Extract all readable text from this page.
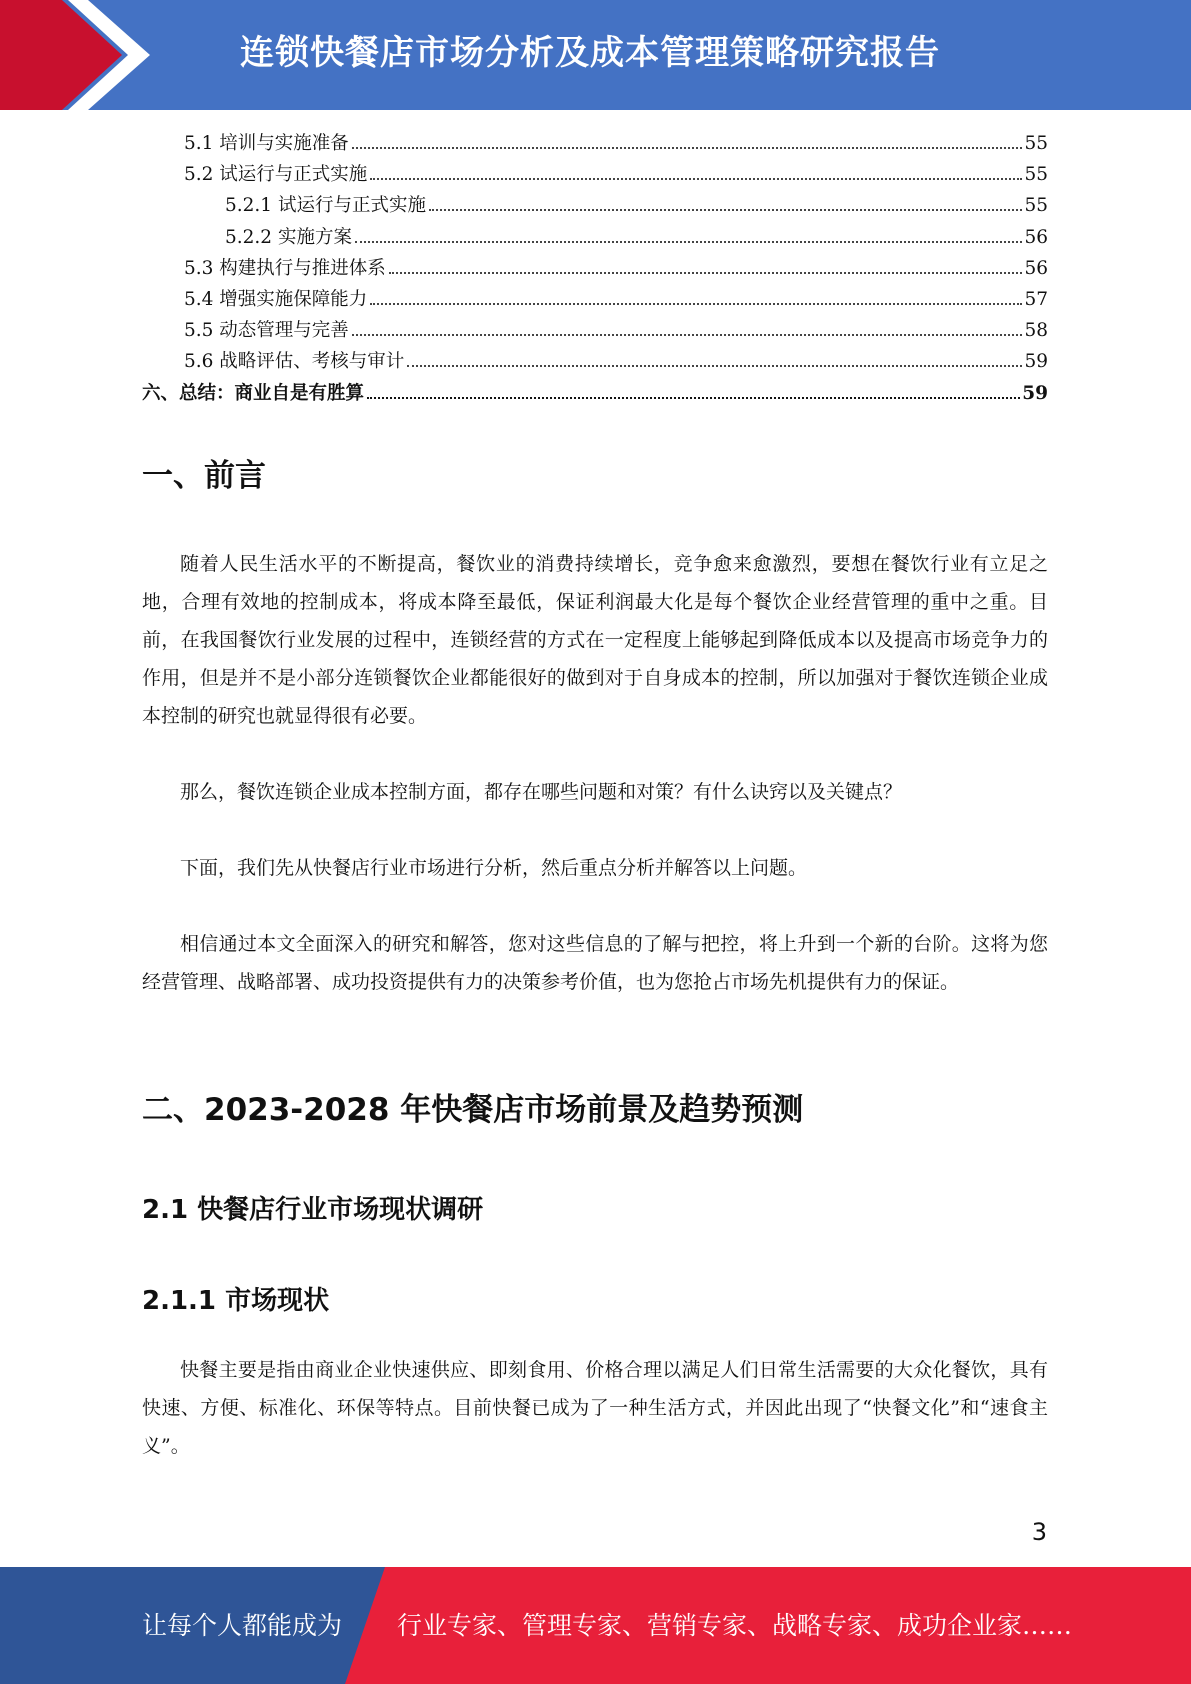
连锁快餐店市场分析及成本管理策略研究报告
5.1 培训与实施准备	55
5.2 试运行与正式实施	55
5.2.1 试运行与正式实施	55
5.2.2 实施方案	56
5.3 构建执行与推进体系	56
5.4 增强实施保障能力	57
5.5 动态管理与完善	58
5.6 战略评估、考核与审计	59
六、总结：商业自是有胜算	59
一、前言

随着人民生活水平的不断提高，餐饮业的消费持续增长，竞争愈来愈激烈，要想在餐饮行业有立足之地，合理有效地的控制成本，将成本降至最低，保证利润最大化是每个餐饮企业经营管理的重中之重。目前，在我国餐饮行业发展的过程中，连锁经营的方式在一定程度上能够起到降低成本以及提高市场竞争力的作用，但是并不是小部分连锁餐饮企业都能很好的做到对于自身成本的控制，所以加强对于餐饮连锁企业成本控制的研究也就显得很有必要。

那么，餐饮连锁企业成本控制方面，都存在哪些问题和对策？有什么诀窍以及关键点？

下面，我们先从快餐店行业市场进行分析，然后重点分析并解答以上问题。

相信通过本文全面深入的研究和解答，您对这些信息的了解与把控，将上升到一个新的台阶。这将为您经营管理、战略部署、成功投资提供有力的决策参考价值，也为您抢占市场先机提供有力的保证。

二、2023-2028 年快餐店市场前景及趋势预测
2.1 快餐店行业市场现状调研
2.1.1 市场现状

快餐主要是指由商业企业快速供应、即刻食用、价格合理以满足人们日常生活需要的大众化餐饮，具有快速、方便、标准化、环保等特点。目前快餐已成为了一种生活方式，并因此出现了“快餐文化”和“速食主义”。

3
让每个人都能成为 行业专家、管理专家、营销专家、战略专家、成功企业家……
